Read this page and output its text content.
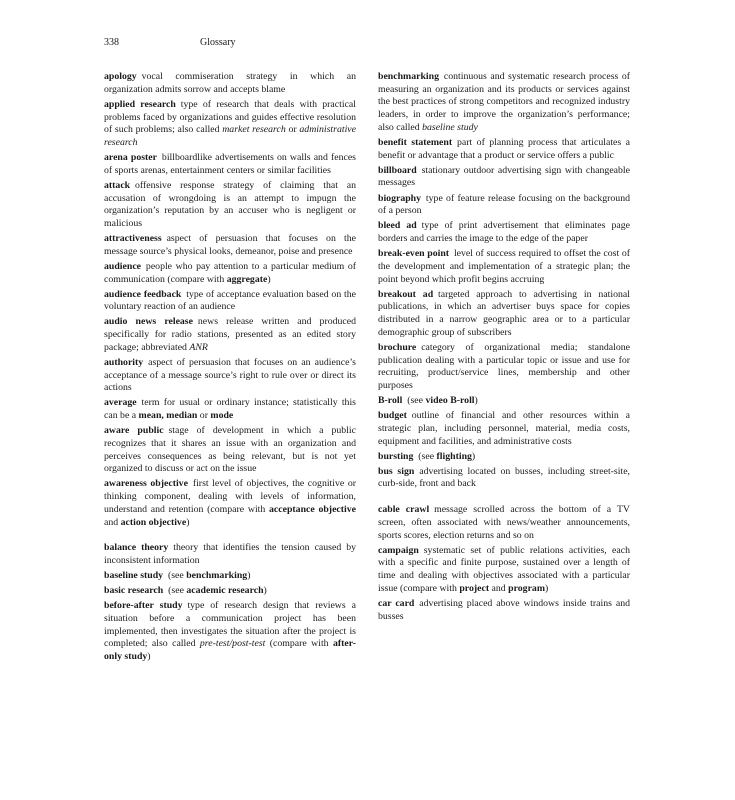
338	Glossary

apology vocal commiseration strategy in which an organization admits sorrow and accepts blame

applied research type of research that deals with practical problems faced by organizations and guides effective resolution of such problems; also called market research or administrative research

arena poster billboardlike advertisements on walls and fences of sports arenas, entertainment centers or similar facilities

attack offensive response strategy of claiming that an accusation of wrongdoing is an attempt to impugn the organization’s reputation by an accuser who is negligent or malicious

attractiveness aspect of persuasion that focuses on the message source’s physical looks, demeanor, poise and presence

audience people who pay attention to a particular medium of communication (compare with aggregate)

audience feedback type of acceptance evaluation based on the voluntary reaction of an audience

audio news release news release written and produced specifically for radio stations, presented as an edited story package; abbreviated ANR

authority aspect of persuasion that focuses on an audience’s acceptance of a message source’s right to rule over or direct its actions

average term for usual or ordinary instance; statistically this can be a mean, median or mode

aware public stage of development in which a public recognizes that it shares an issue with an organization and perceives consequences as being relevant, but is not yet organized to discuss or act on the issue

awareness objective first level of objectives, the cognitive or thinking component, dealing with levels of information, understand and retention (compare with acceptance objective and action objective)

balance theory theory that identifies the tension caused by inconsistent information

baseline study (see benchmarking)

basic research (see academic research)

before-after study type of research design that reviews a situation before a communication project has been implemented, then investigates the situation after the project is completed; also called pre-test/post-test (compare with after-only study)

benchmarking continuous and systematic research process of measuring an organization and its products or services against the best practices of strong competitors and recognized industry leaders, in order to improve the organization’s performance; also called baseline study

benefit statement part of planning process that articulates a benefit or advantage that a product or service offers a public

billboard stationary outdoor advertising sign with changeable messages

biography type of feature release focusing on the background of a person

bleed ad type of print advertisement that eliminates page borders and carries the image to the edge of the paper

break-even point level of success required to offset the cost of the development and implementation of a strategic plan; the point beyond which profit begins accruing

breakout ad targeted approach to advertising in national publications, in which an advertiser buys space for copies distributed in a narrow geographic area or to a particular demographic group of subscribers

brochure category of organizational media; standalone publication dealing with a particular topic or issue and use for recruiting, product/service lines, membership and other purposes

B-roll (see video B-roll)

budget outline of financial and other resources within a strategic plan, including personnel, material, media costs, equipment and facilities, and administrative costs

bursting (see flighting)

bus sign advertising located on busses, including street-site, curb-side, front and back

cable crawl message scrolled across the bottom of a TV screen, often associated with news/weather announcements, sports scores, election returns and so on

campaign systematic set of public relations activities, each with a specific and finite purpose, sustained over a length of time and dealing with objectives associated with a particular issue (compare with project and program)

car card advertising placed above windows inside trains and busses
